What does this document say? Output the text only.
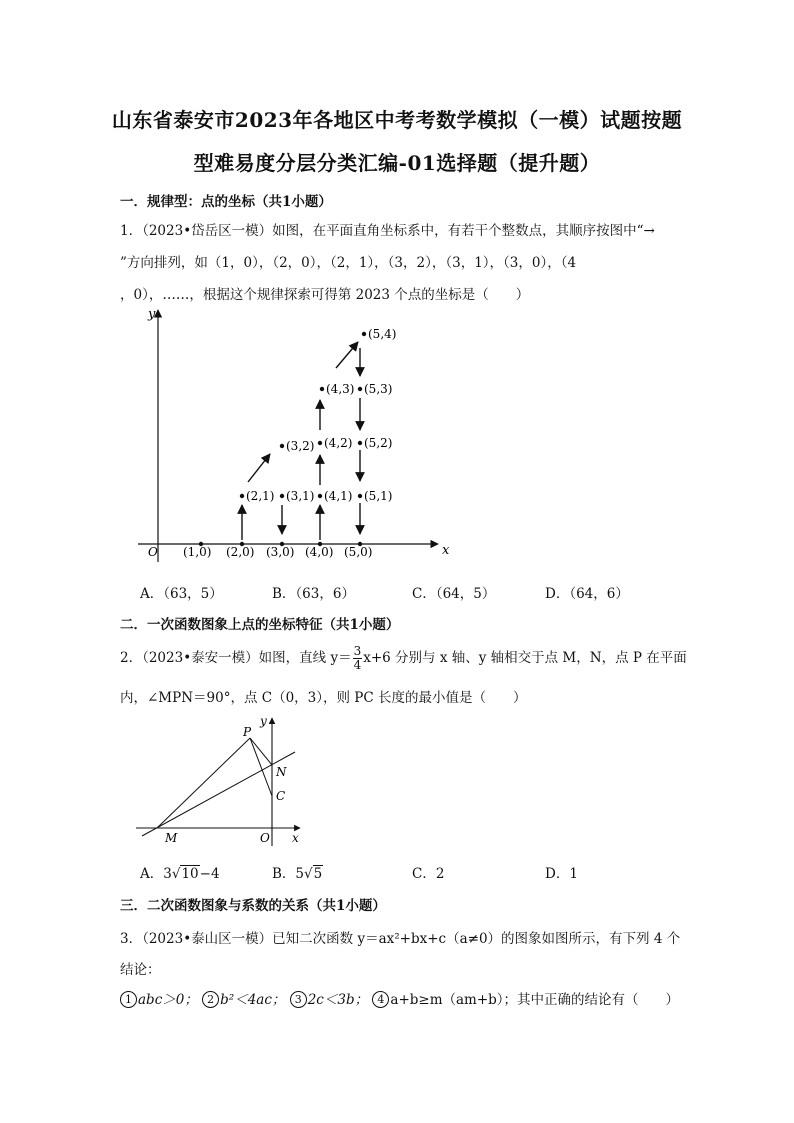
山东省泰安市2023年各地区中考考数学模拟（一模）试题按题
型难易度分层分类汇编-01选择题（提升题）
一．规律型：点的坐标（共1小题）
1．（2023•岱岳区一模）如图，在平面直角坐标系中，有若干个整数点，其顺序按图中“→
”方向排列，如（1，0），（2，0），（2，1），（3，2），（3，1），（3，0），（4
，0），……，根据这个规律探索可得第 2023 个点的坐标是（　　）
y
x
O (1,0) (2,0) (3,0) (4,0) (5,0)
(2,1) (3,1) (4,1) (5,1)
(3,2) (4,2) (5,2)
(4,3) (5,3)
(5,4)
A．（63，5）	B．（63，6）	C．（64，5）	D．（64，6）
二．一次函数图象上点的坐标特征（共1小题）
2．（2023•泰安一模）如图，直线 $y= \frac{3}{4} x+6$ 分别与 x 轴、y 轴相交于点 M，N，点 P 在平面
内，∠MPN＝90°，点 C（0，3），则 PC 长度的最小值是（　　）
P
y
N
C
M	O x
A．3√10−4	B．5√5	C．2	D．1
三．二次函数图象与系数的关系（共1小题）
3．（2023•泰山区一模）已知二次函数 y＝ax²+bx+c（a≠0）的图象如图所示，有下列 4 个
结论：
1 abc＞0； 2 b²＜4ac； 3 2c＜3b； 4 a+b≥m（am+b）；其中正确的结论有（　　）
